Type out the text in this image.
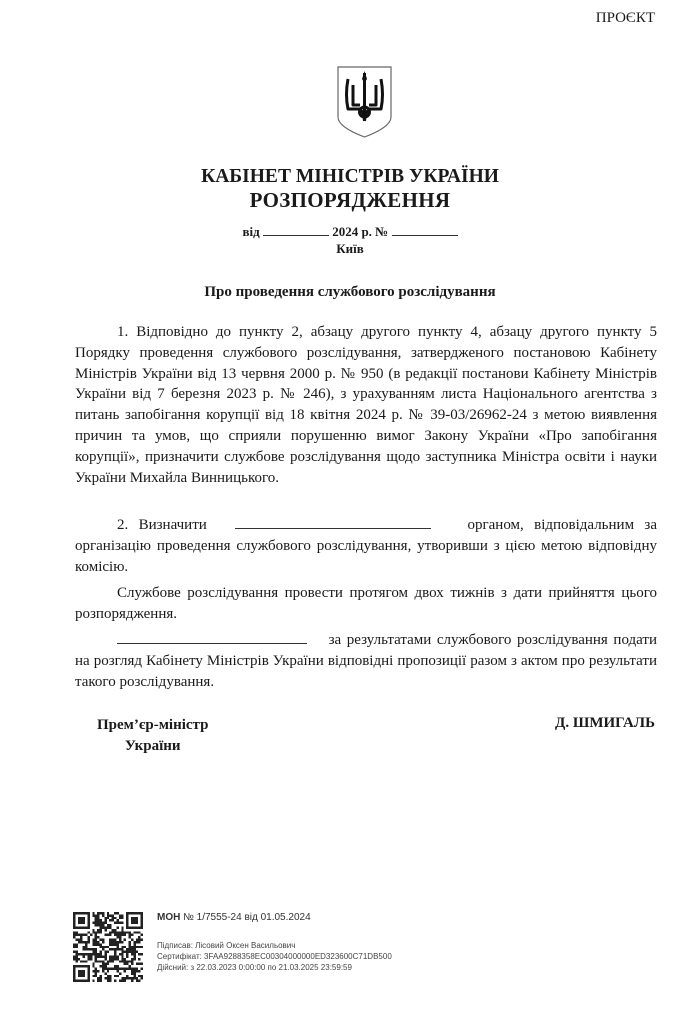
ПРОЄКТ
КАБІНЕТ МІНІСТРІВ УКРАЇНИ
РОЗПОРЯДЖЕННЯ
від	2024 р. №
Київ
Про проведення службового розслідування
1. Відповідно до пункту 2, абзацу другого пункту 4, абзацу другого пункту 5 Порядку проведення службового розслідування, затвердженого постановою Кабінету Міністрів України від 13 червня 2000 р. № 950 (в редакції постанови Кабінету Міністрів України від 7 березня 2023 р. № 246), з урахуванням листа Національного агентства з питань запобігання корупції від 18 квітня 2024 р. № 39-03/26962-24 з метою виявлення причин та умов, що сприяли порушенню вимог Закону України «Про запобігання корупції», призначити службове розслідування щодо заступника Міністра освіти і науки України Михайла Винницького.
2. Визначити	органом, відповідальним за організацію проведення службового розслідування, утворивши з цією метою відповідну комісію.
Службове розслідування провести протягом двох тижнів з дати прийняття цього розпорядження.
за результатами службового розслідування подати на розгляд Кабінету Міністрів України відповідні пропозиції разом з актом про результати такого розслідування.
Прем’єр-міністр
України
Д. ШМИГАЛЬ
МОН № 1/7555-24 від 01.05.2024
Підписав: Лісовий Оксен Васильович
Сертифікат: 3FAA9288358EC00304000000ED323600C71DB500
Дійсний: з 22.03.2023 0:00:00 по 21.03.2025 23:59:59
